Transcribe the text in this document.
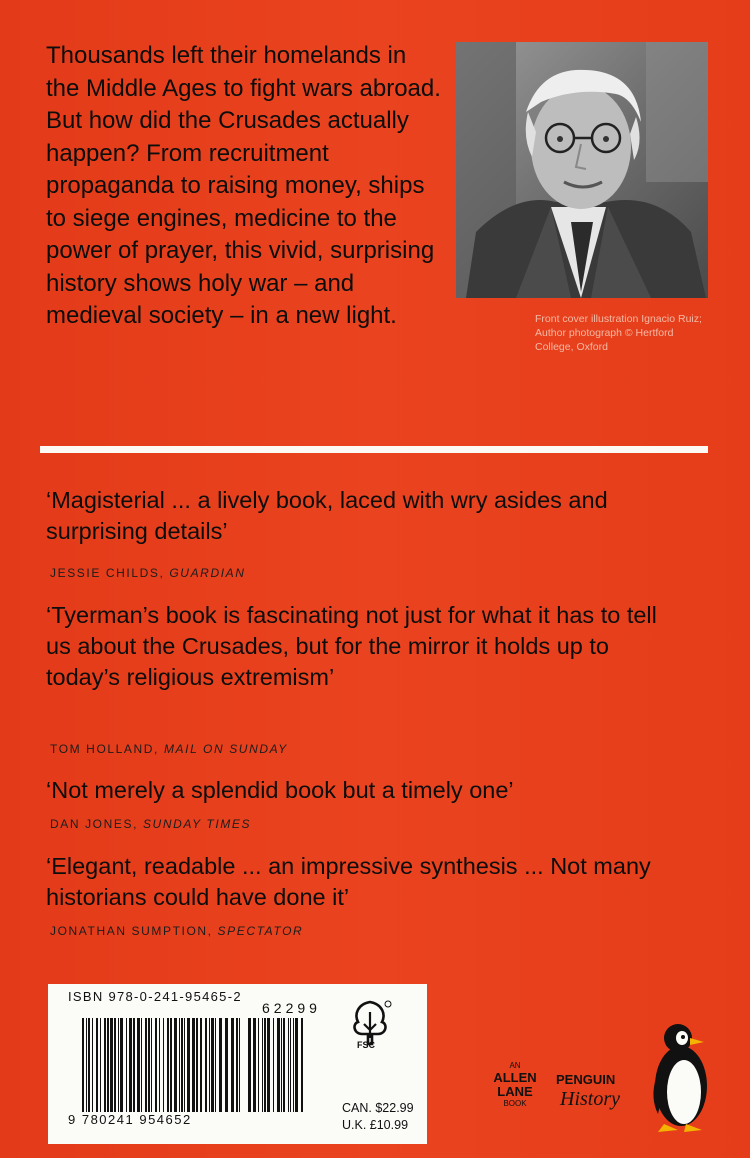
Thousands left their homelands in the Middle Ages to fight wars abroad. But how did the Crusades actually happen? From recruitment propaganda to raising money, ships to siege engines, medicine to the power of prayer, this vivid, surprising history shows holy war – and medieval society – in a new light.	Front cover illustration Ignacio Ruiz; Author photograph © Hertford College, Oxford
‘Magisterial ... a lively book, laced with wry asides and surprising details’
JESSIE CHILDS, GUARDIAN
‘Tyerman’s book is fascinating not just for what it has to tell us about the Crusades, but for the mirror it holds up to today’s religious extremism’
TOM HOLLAND, MAIL ON SUNDAY
‘Not merely a splendid book but a timely one’
DAN JONES, SUNDAY TIMES
‘Elegant, readable ... an impressive synthesis ... Not many historians could have done it’
JONATHAN SUMPTION, SPECTATOR
ISBN 978-0-241-95465-2
62299
9 780241 954652
FSC
CAN. $22.99
U.K. £10.99
AN
ALLEN
LANE
BOOK
PENGUIN
History
